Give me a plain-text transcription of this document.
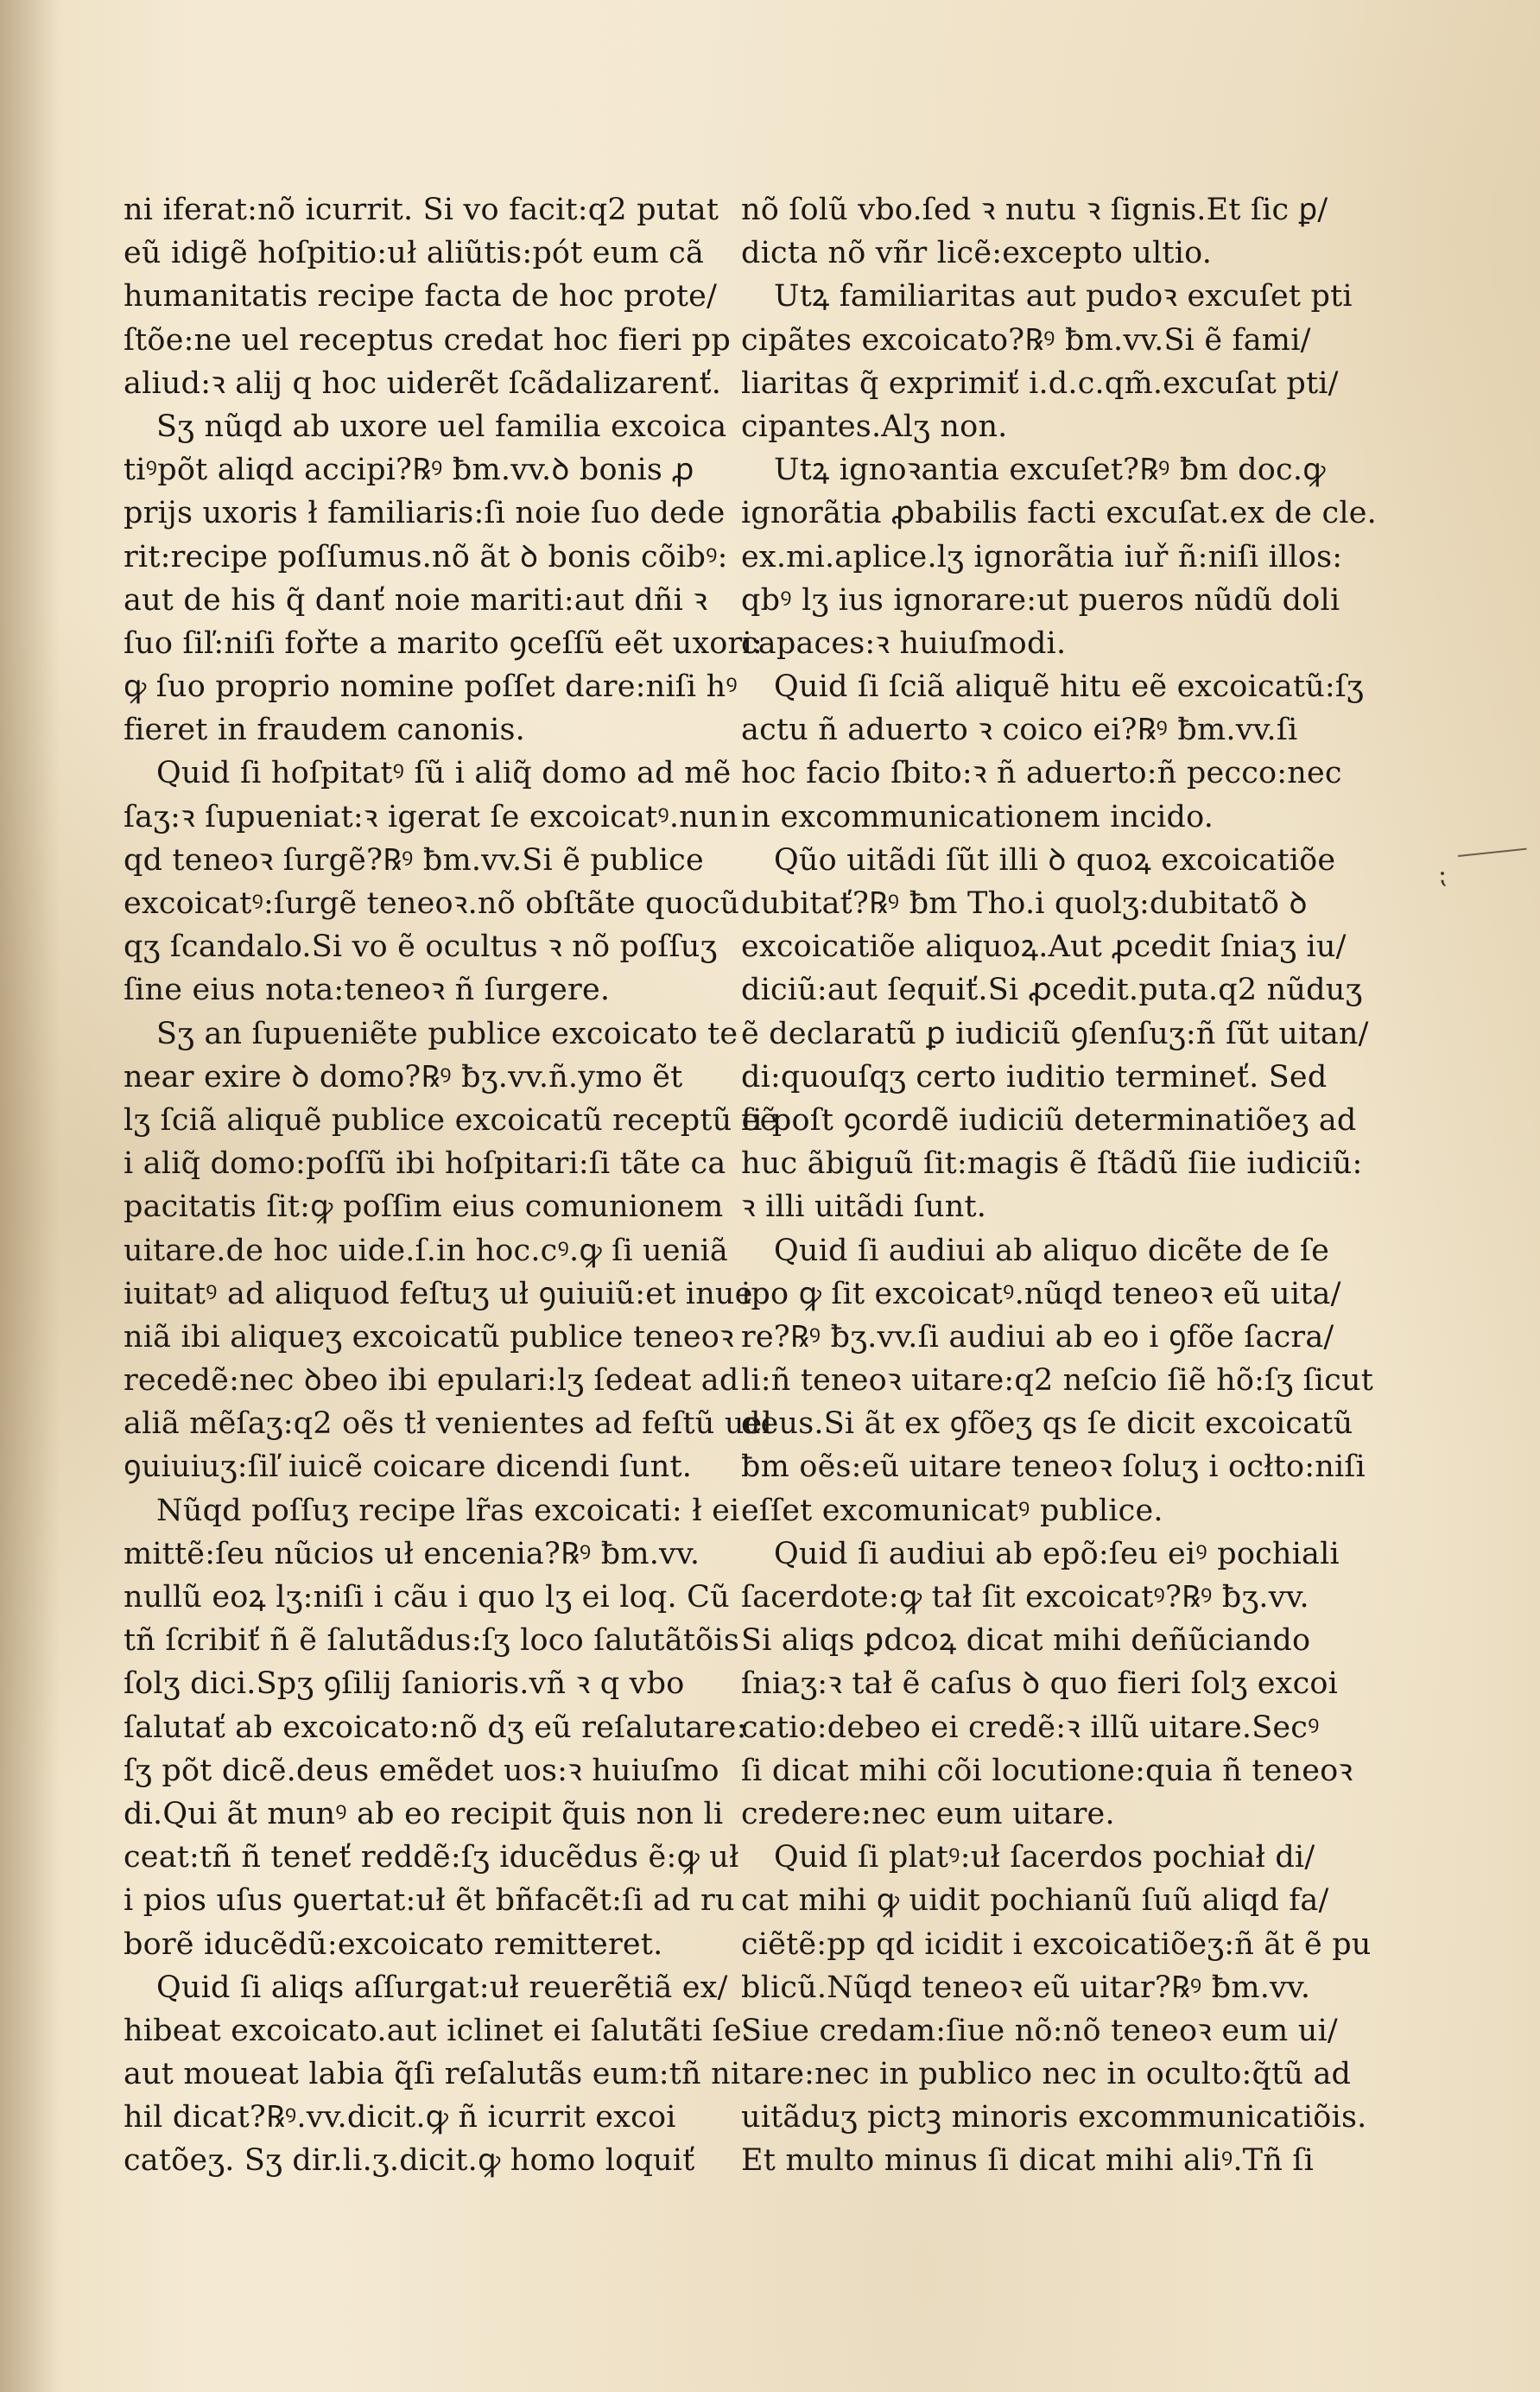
ni iferat:nõ icurrit. Si vo facit:q2 putat
eũ idigẽ hoſpitio:uł aliũtis:pót eum cã
humanitatis recipe facta de hoc prote/
ſtõe:ne uel receptus credat hoc fieri pp
aliud:ꝛ alij q hoc uiderẽt ſcãdalizarenť.
Sʒ nũqd ab uxore uel familia excoica
tiꝰpõt aliqd accipi?℞ꝰ ƀm.vv.ꝺ bonis ꝓ
prijs uxoris ł familiaris:ſi noie ſuo dede
rit:recipe poſſumus.nõ ãt ꝺ bonis cõibꝰ:
aut de his q̃ danť noie mariti:aut dñi ꝛ
ſuo ſiľ:niſi fořte a marito ꝯceſſũ eẽt uxori:
ꝙ ſuo proprio nomine poſſet dare:niſi hꝰ
fieret in fraudem canonis.
Quid ſi hoſpitatꝰ ſũ i aliq̃ domo ad mẽ
ſaʒ:ꝛ ſupueniat:ꝛ igerat ſe excoicatꝰ.nun
qd teneoꝛ ſurgẽ?℞ꝰ ƀm.vv.Si ẽ publice
excoicatꝰ:ſurgẽ teneoꝛ.nõ obſtãte quocũ
qʒ ſcandalo.Si vo ẽ ocultus ꝛ nõ poſſuʒ
ſine eius nota:teneoꝛ ñ ſurgere.
Sʒ an ſupueniẽte publice excoicato te
near exire ꝺ domo?℞ꝰ ƀʒ.vv.ñ.ymo ẽt
lʒ ſciã aliquẽ publice excoicatũ receptũ eẽ
i aliq̃ domo:poſſũ ibi hoſpitari:ſi tãte ca
pacitatis ſit:ꝙ poſſim eius comunionem
uitare.de hoc uide.ſ.in hoc.cꝰ.ꝙ ſi ueniã
iuitatꝰ ad aliquod feſtuʒ uł ꝯuiuiũ:et inue
niã ibi aliqueʒ excoicatũ publice teneoꝛ
recedẽ:nec ꝺbeo ibi epulari:lʒ ſedeat ad
aliã mẽſaʒ:q2 oẽs tł venientes ad feſtũ uel
ꝯuiuiuʒ:ſiľ iuicẽ coicare dicendi ſunt.
Nũqd poſſuʒ recipe lr̃as excoicati: ł ei
mittẽ:ſeu nũcios uł encenia?℞ꝰ ƀm.vv.
nullũ eoꝝ lʒ:niſi i cãu i quo lʒ ei loq. Cũ
tñ ſcribiť ñ ẽ ſalutãdus:ſʒ loco ſalutãtõis
ſolʒ dici.Spʒ ꝯſilij ſanioris.vñ ꝛ q vbo
ſalutať ab excoicato:nõ dʒ eũ reſalutare:
ſʒ põt dicẽ.deus emẽdet uos:ꝛ huiuſmo
di.Qui ãt munꝰ ab eo recipit q̃uis non li
ceat:tñ ñ teneť reddẽ:ſʒ iducẽdus ẽ:ꝙ uł
i pios uſus ꝯuertat:uł ẽt bñfacẽt:ſi ad ru
borẽ iducẽdũ:excoicato remitteret.
Quid ſi aliqs aſſurgat:uł reuerẽtiã ex/
hibeat excoicato.aut iclinet ei ſalutãti ſe.
aut moueat labia q̃ſi reſalutãs eum:tñ ni
hil dicat?℞ꝰ.vv.dicit.ꝙ ñ icurrit excoi
catõeʒ. Sʒ dir.li.ʒ.dicit.ꝙ homo loquiť
nõ ſolũ vbo.ſed ꝛ nutu ꝛ ſignis.Et ſic ꝑ/
dicta nõ vñr licẽ:excepto ultio.
Utꝝ familiaritas aut pudoꝛ excuſet pti
cipãtes excoicato?℞ꝰ ƀm.vv.Si ẽ fami/
liaritas q̃ exprimiť i.d.c.qm̃.excuſat pti/
cipantes.Alʒ non.
Utꝝ ignoꝛantia excuſet?℞ꝰ ƀm doc.ꝙ
ignorãtia ꝓbabilis facti excuſat.ex de cle.
ex.mi.aplice.lʒ ignorãtia iuř ñ:niſi illos:
qbꝰ lʒ ius ignorare:ut pueros nũdũ doli
capaces:ꝛ huiuſmodi.
Quid ſi ſciã aliquẽ hitu eẽ excoicatũ:ſʒ
actu ñ aduerto ꝛ coico ei?℞ꝰ ƀm.vv.ſi
hoc facio ſbito:ꝛ ñ aduerto:ñ pecco:nec
in excommunicationem incido.
Qũo uitãdi ſũt illi ꝺ quoꝝ excoicatiõe
dubitať?℞ꝰ ƀm Tho.i quolʒ:dubitatõ ꝺ
excoicatiõe aliquoꝝ.Aut ꝓcedit ſniaʒ iu/
diciũ:aut ſequiť.Si ꝓcedit.puta.q2 nũduʒ
ẽ declaratũ ꝑ iudiciũ ꝯſenſuʒ:ñ ſũt uitan/
di:quouſqʒ certo iuditio termineť. Sed
ſi poſt ꝯcordẽ iudiciũ determinatiõeʒ ad
huc ãbiguũ ſit:magis ẽ ſtãdũ ſiie iudiciũ:
ꝛ illi uitãdi ſunt.
Quid ſi audiui ab aliquo dicẽte de ſe
ipo ꝙ ſit excoicatꝰ.nũqd teneoꝛ eũ uita/
re?℞ꝰ ƀʒ.vv.ſi audiui ab eo i ꝯfõe ſacra/
li:ñ teneoꝛ uitare:q2 neſcio ſiẽ hõ:ſʒ ſicut
deus.Si ãt ex ꝯfõeʒ qs ſe dicit excoicatũ
ƀm oẽs:eũ uitare teneoꝛ ſoluʒ i ocłto:niſi
eſſet excomunicatꝰ publice.
Quid ſi audiui ab epõ:ſeu eiꝰ pochiali
ſacerdote:ꝙ tał ſit excoicatꝰ?℞ꝰ ƀʒ.vv.
Si aliqs ꝑdcoꝝ dicat mihi deñũciando
ſniaʒ:ꝛ tał ẽ caſus ꝺ quo fieri ſolʒ excoi
catio:debeo ei credẽ:ꝛ illũ uitare.Secꝰ
ſi dicat mihi cõi locutione:quia ñ teneoꝛ
credere:nec eum uitare.
Quid ſi platꝰ:uł ſacerdos pochiał di/
cat mihi ꝙ uidit pochianũ ſuũ aliqd fa/
ciẽtẽ:pp qd icidit i excoicatiõeʒ:ñ ãt ẽ pu
blicũ.Nũqd teneoꝛ eũ uitar?℞ꝰ ƀm.vv.
Siue credam:ſiue nõ:nõ teneoꝛ eum ui/
tare:nec in publico nec in oculto:q̃tũ ad
uitãduʒ pictꝫ minoris excommunicatiõis.
Et multo minus ſi dicat mihi aliꝰ.Tñ ſi
⁏
